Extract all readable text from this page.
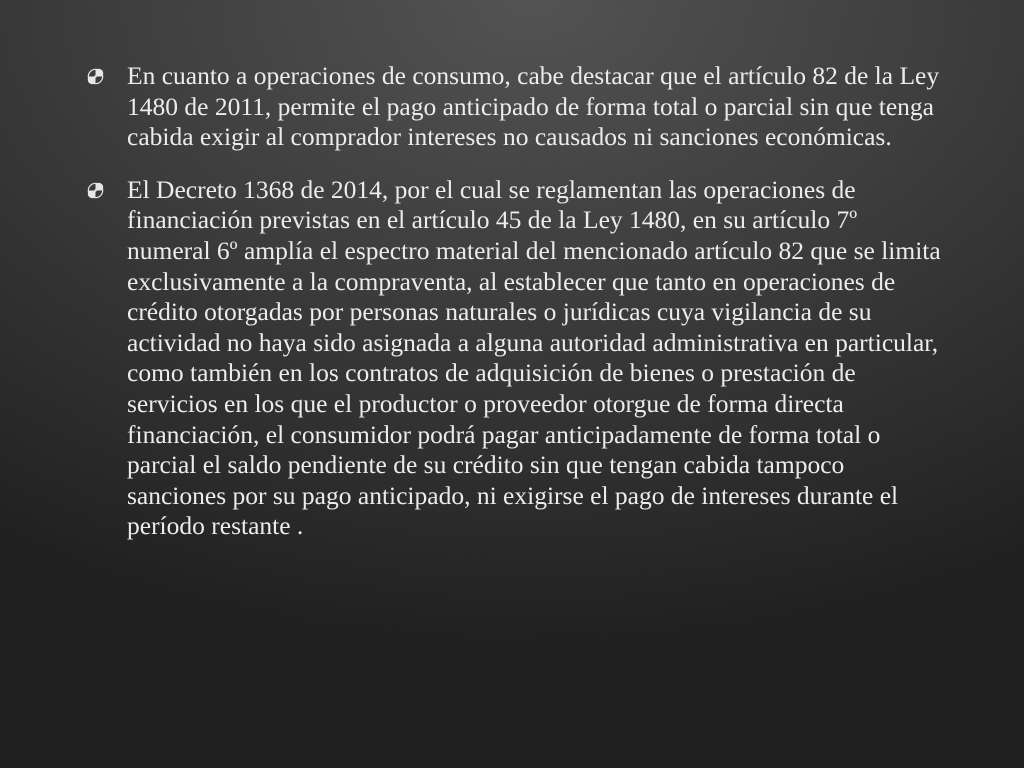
En cuanto a operaciones de consumo, cabe destacar que el artículo 82 de la Ley 1480 de 2011, permite el pago anticipado de forma total o parcial sin que tenga cabida exigir al comprador intereses no causados ni sanciones económicas.
El Decreto 1368 de 2014, por el cual se reglamentan las operaciones de financiación previstas en el artículo 45 de la Ley 1480, en su artículo 7º numeral 6º amplía el espectro material del mencionado artículo 82 que se limita exclusivamente a la compraventa, al establecer que tanto en operaciones de crédito otorgadas por personas naturales o jurídicas cuya vigilancia de su actividad no haya sido asignada a alguna autoridad administrativa en particular, como también en los contratos de adquisición de bienes o prestación de servicios en los que el productor o proveedor otorgue de forma directa financiación, el consumidor podrá pagar anticipadamente de forma total o parcial el saldo pendiente de su crédito sin que tengan cabida tampoco sanciones por su pago anticipado, ni exigirse el pago de intereses durante el período restante .
